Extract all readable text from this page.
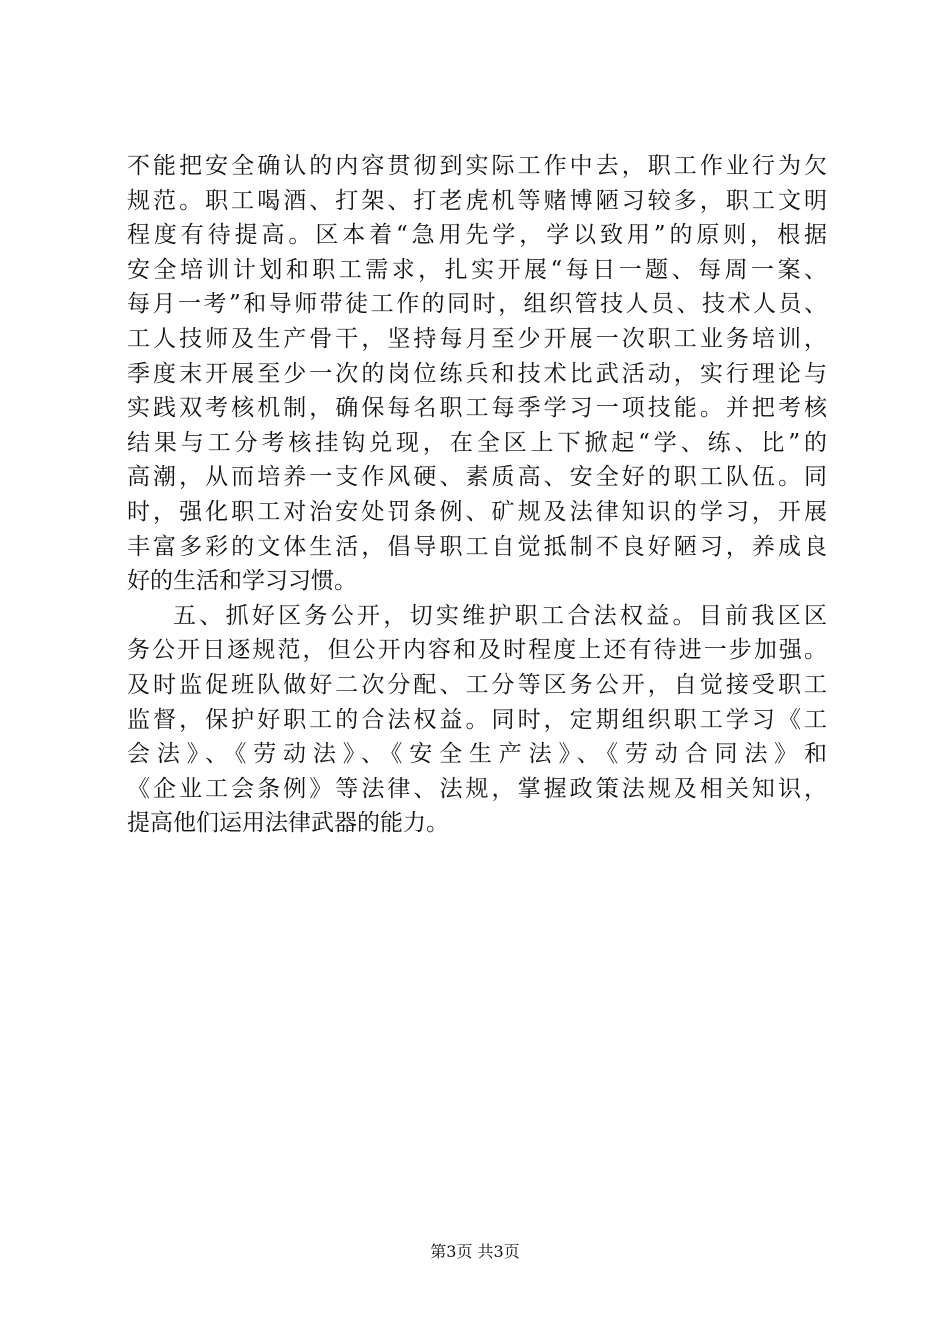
不能把安全确认的内容贯彻到实际工作中去，职工作业行为欠
规范。职工喝酒、打架、打老虎机等赌博陋习较多，职工文明
程度有待提高。区本着“急用先学，学以致用”的原则，根据
安全培训计划和职工需求，扎实开展“每日一题、每周一案、
每月一考”和导师带徒工作的同时，组织管技人员、技术人员、
工人技师及生产骨干，坚持每月至少开展一次职工业务培训，
季度末开展至少一次的岗位练兵和技术比武活动，实行理论与
实践双考核机制，确保每名职工每季学习一项技能。并把考核
结果与工分考核挂钩兑现，在全区上下掀起“学、练、比”的
高潮，从而培养一支作风硬、素质高、安全好的职工队伍。同
时，强化职工对治安处罚条例、矿规及法律知识的学习，开展
丰富多彩的文体生活，倡导职工自觉抵制不良好陋习，养成良
好的生活和学习习惯。
五、抓好区务公开，切实维护职工合法权益。目前我区区
务公开日逐规范，但公开内容和及时程度上还有待进一步加强。
及时监促班队做好二次分配、工分等区务公开，自觉接受职工
监督，保护好职工的合法权益。同时，定期组织职工学习《工
会法》、《劳动法》、《安全生产法》、《劳动合同法》和
《企业工会条例》等法律、法规，掌握政策法规及相关知识，
提高他们运用法律武器的能力。
第3页 共3页
